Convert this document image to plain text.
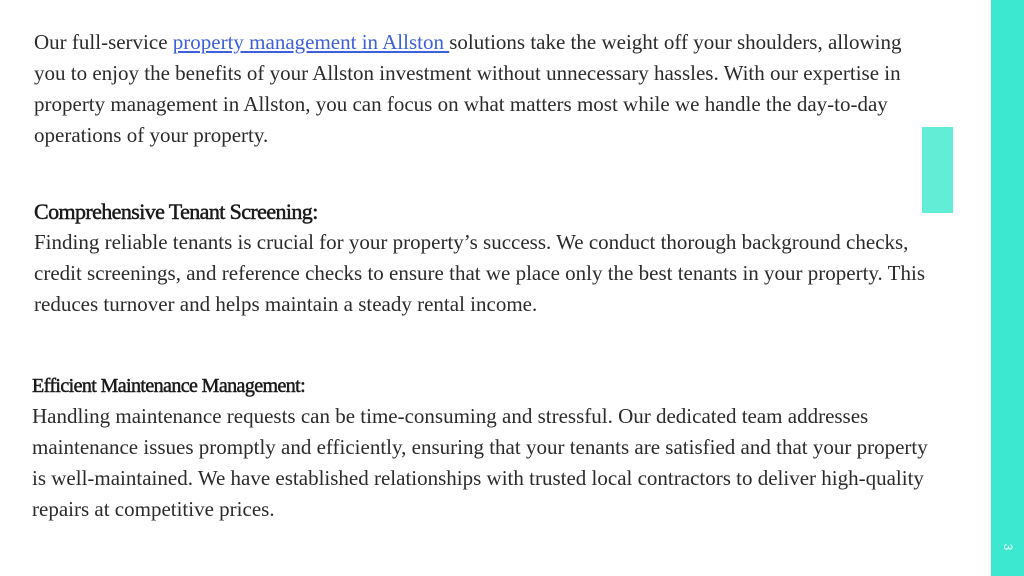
Our full-service property management in Allston solutions take the weight off your shoulders, allowing you to enjoy the benefits of your Allston investment without unnecessary hassles. With our expertise in property management in Allston, you can focus on what matters most while we handle the day-to-day operations of your property.

Comprehensive Tenant Screening:

Finding reliable tenants is crucial for your property’s success. We conduct thorough background checks, credit screenings, and reference checks to ensure that we place only the best tenants in your property. This reduces turnover and helps maintain a steady rental income.

Efficient Maintenance Management:

Handling maintenance requests can be time-consuming and stressful. Our dedicated team addresses maintenance issues promptly and efficiently, ensuring that your tenants are satisfied and that your property is well-maintained. We have established relationships with trusted local contractors to deliver high-quality repairs at competitive prices.

3
